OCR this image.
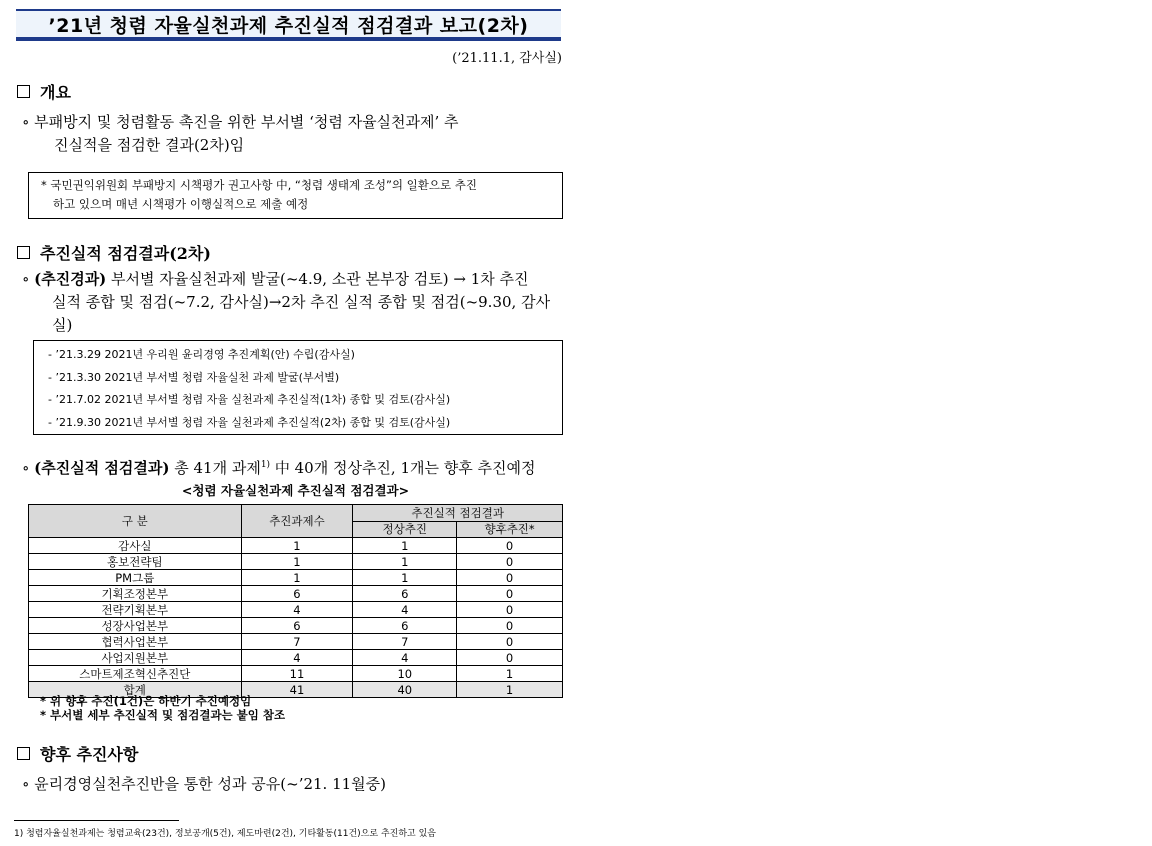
’21년 청렴 자율실천과제 추진실적 점검결과 보고(2차)
(’21.11.1, 감사실)
개요
∘ 부패방지 및 청렴활동 촉진을 위한 부서별 ‘청렴 자율실천과제’ 추
진실적을 점검한 결과(2차)임
* 국민권익위원회 부패방지 시책평가 권고사항 中, “청렴 생태계 조성”의 일환으로 추진
하고 있으며 매년 시책평가 이행실적으로 제출 예정
추진실적 점검결과(2차)
∘ (추진경과) 부서별 자율실천과제 발굴(~4.9, 소관 본부장 검토) → 1차 추진
실적 종합 및 점검(~7.2, 감사실)→2차 추진 실적 종합 및 점검(~9.30, 감사
실)
- ’21.3.29 2021년 우리원 윤리경영 추진계획(안) 수립(감사실)
- ’21.3.30 2021년 부서별 청렴 자율실천 과제 발굴(부서별)
- ’21.7.02 2021년 부서별 청렴 자율 실천과제 추진실적(1차) 종합 및 검토(감사실)
- ’21.9.30 2021년 부서별 청렴 자율 실천과제 추진실적(2차) 종합 및 검토(감사실)
∘ (추진실적 점검결과) 총 41개 과제$^{1)}$ 中 40개 정상추진, 1개는 향후 추진예정
<청렴 자율실천과제 추진실적 점검결과>
구 분	추진과제수	추진실적 점검결과	
		정상추진	향후추진*
감사실	1	1	0
홍보전략팀	1	1	0
PM그룹	1	1	0
기획조정본부	6	6	0
전략기획본부	4	4	0
성장사업본부	6	6	0
협력사업본부	7	7	0
사업지원본부	4	4	0
스마트제조혁신추진단	11	10	1
합계	41	40	1
* 위 향후 추진(1건)은 하반기 추진예정임
* 부서별 세부 추진실적 및 점검결과는 붙임 참조
향후 추진사항
∘ 윤리경영실천추진반을 통한 성과 공유(~’21. 11월중)
1) 청렴자율실천과제는 청렴교육(23건), 정보공개(5건), 제도마련(2건), 기타활동(11건)으로 추진하고 있음
